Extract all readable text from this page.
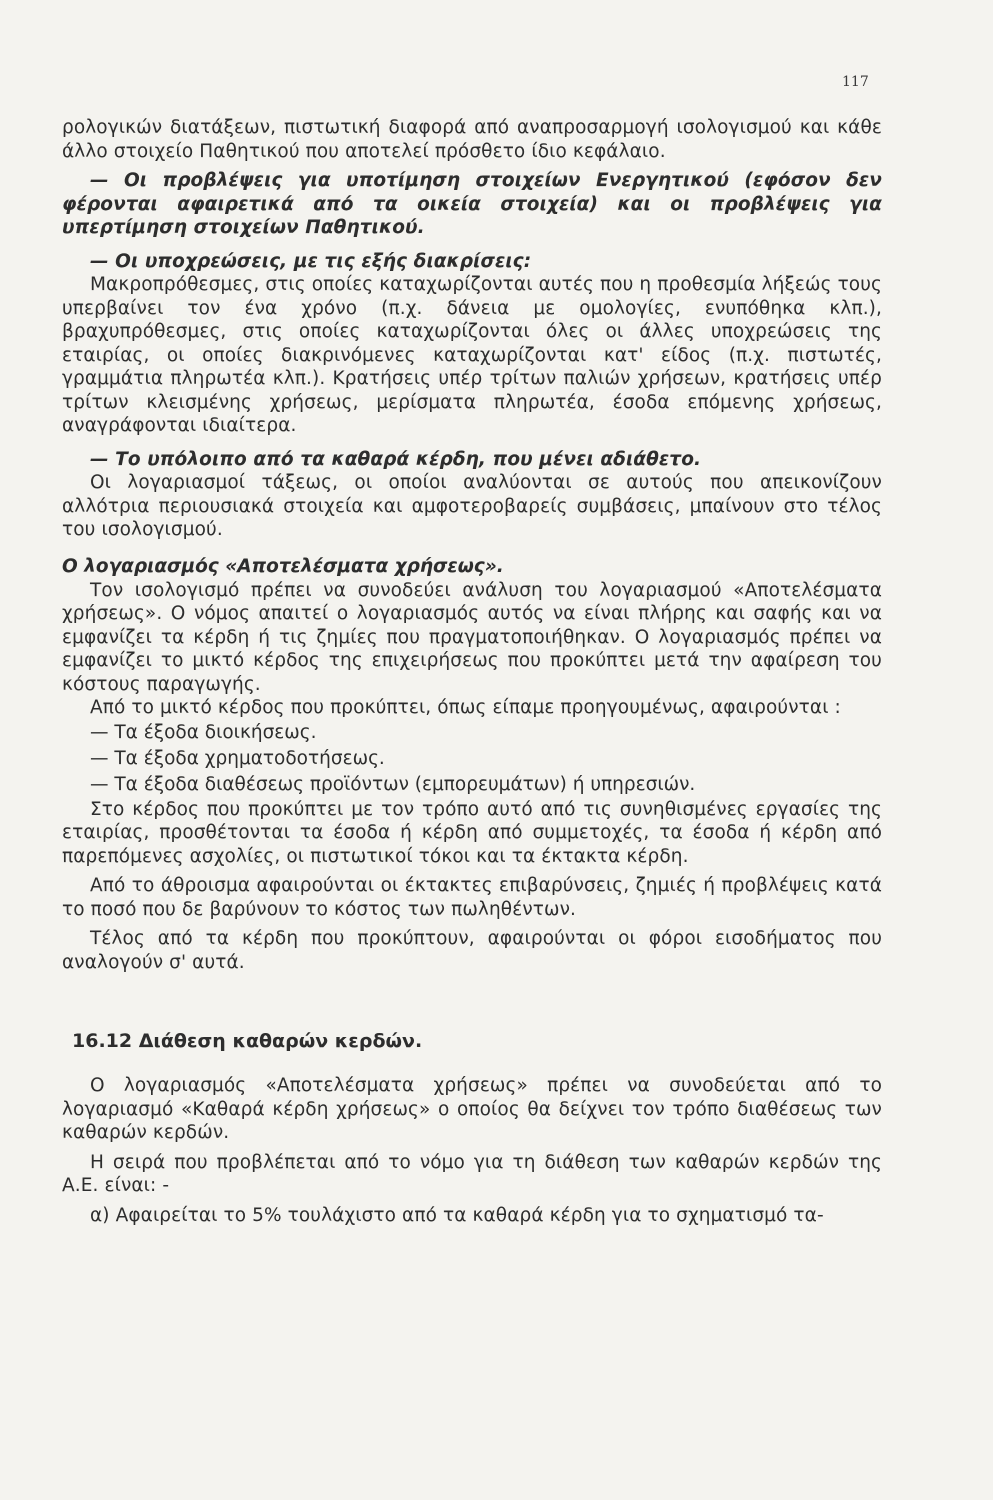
117

ρολογικών διατάξεων, πιστωτική διαφορά από αναπροσαρμογή ισολογισμού και κάθε άλλο στοιχείο Παθητικού που αποτελεί πρόσθετο ίδιο κεφάλαιο.

— Οι προβλέψεις για υποτίμηση στοιχείων Ενεργητικού (εφόσον δεν φέρονται αφαιρετικά από τα οικεία στοιχεία) και οι προβλέψεις για υπερτίμηση στοιχείων Παθητικού.

— Οι υποχρεώσεις, με τις εξής διακρίσεις:

Μακροπρόθεσμες, στις οποίες καταχωρίζονται αυτές που η προθεσμία λήξεώς τους υπερβαίνει τον ένα χρόνο (π.χ. δάνεια με ομολογίες, ενυπόθηκα κλπ.), βραχυπρόθεσμες, στις οποίες καταχωρίζονται όλες οι άλλες υποχρεώσεις της εταιρίας, οι οποίες διακρινόμενες καταχωρίζονται κατ' είδος (π.χ. πιστωτές, γραμμάτια πληρωτέα κλπ.). Κρατήσεις υπέρ τρίτων παλιών χρήσεων, κρατήσεις υπέρ τρίτων κλεισμένης χρήσεως, μερίσματα πληρωτέα, έσοδα επόμενης χρήσεως, αναγράφονται ιδιαίτερα.

— Το υπόλοιπο από τα καθαρά κέρδη, που μένει αδιάθετο.

Οι λογαριασμοί τάξεως, οι οποίοι αναλύονται σε αυτούς που απεικονίζουν αλλότρια περιουσιακά στοιχεία και αμφοτεροβαρείς συμβάσεις, μπαίνουν στο τέλος του ισολογισμού.

Ο λογαριασμός «Αποτελέσματα χρήσεως».

Τον ισολογισμό πρέπει να συνοδεύει ανάλυση του λογαριασμού «Αποτελέσματα χρήσεως». Ο νόμος απαιτεί ο λογαριασμός αυτός να είναι πλήρης και σαφής και να εμφανίζει τα κέρδη ή τις ζημίες που πραγματοποιήθηκαν. Ο λογαριασμός πρέπει να εμφανίζει το μικτό κέρδος της επιχειρήσεως που προκύπτει μετά την αφαίρεση του κόστους παραγωγής.

Από το μικτό κέρδος που προκύπτει, όπως είπαμε προηγουμένως, αφαιρούνται :

— Τα έξοδα διοικήσεως.

— Τα έξοδα χρηματοδοτήσεως.

— Τα έξοδα διαθέσεως προϊόντων (εμπορευμάτων) ή υπηρεσιών.

Στο κέρδος που προκύπτει με τον τρόπο αυτό από τις συνηθισμένες εργασίες της εταιρίας, προσθέτονται τα έσοδα ή κέρδη από συμμετοχές, τα έσοδα ή κέρδη από παρεπόμενες ασχολίες, οι πιστωτικοί τόκοι και τα έκτακτα κέρδη.

Από το άθροισμα αφαιρούνται οι έκτακτες επιβαρύνσεις, ζημιές ή προβλέψεις κατά το ποσό που δε βαρύνουν το κόστος των πωληθέντων.

Τέλος από τα κέρδη που προκύπτουν, αφαιρούνται οι φόροι εισοδήματος που αναλογούν σ' αυτά.

16.12 Διάθεση καθαρών κερδών.

Ο λογαριασμός «Αποτελέσματα χρήσεως» πρέπει να συνοδεύεται από το λογαριασμό «Καθαρά κέρδη χρήσεως» ο οποίος θα δείχνει τον τρόπο διαθέσεως των καθαρών κερδών.

Η σειρά που προβλέπεται από το νόμο για τη διάθεση των καθαρών κερδών της Α.Ε. είναι: -

α) Αφαιρείται το 5% τουλάχιστο από τα καθαρά κέρδη για το σχηματισμό τα-
